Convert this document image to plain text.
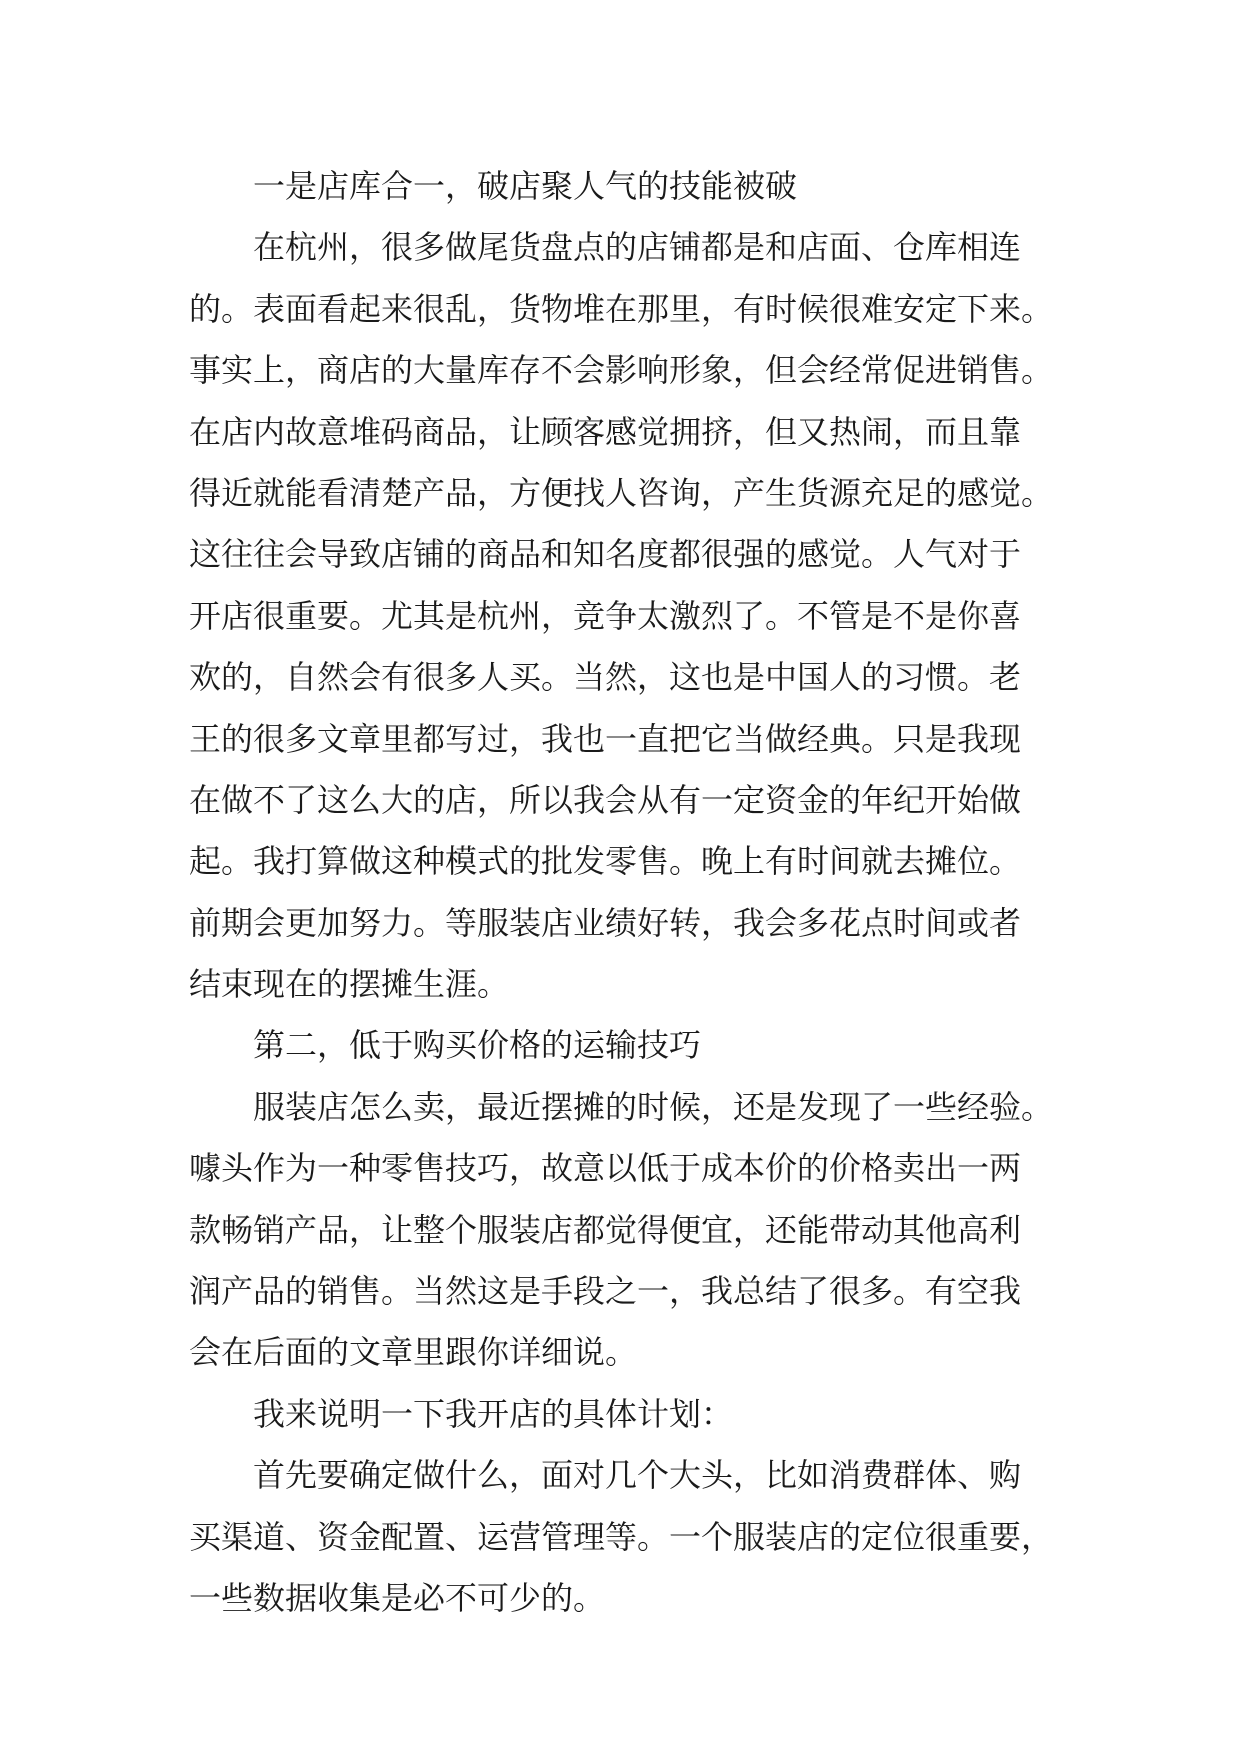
一是店库合一，破店聚人气的技能被破
在杭州，很多做尾货盘点的店铺都是和店面、仓库相连
的。表面看起来很乱，货物堆在那里，有时候很难安定下来。
事实上，商店的大量库存不会影响形象，但会经常促进销售。
在店内故意堆码商品，让顾客感觉拥挤，但又热闹，而且靠
得近就能看清楚产品，方便找人咨询，产生货源充足的感觉。
这往往会导致店铺的商品和知名度都很强的感觉。人气对于
开店很重要。尤其是杭州，竞争太激烈了。不管是不是你喜
欢的，自然会有很多人买。当然，这也是中国人的习惯。老
王的很多文章里都写过，我也一直把它当做经典。只是我现
在做不了这么大的店，所以我会从有一定资金的年纪开始做
起。我打算做这种模式的批发零售。晚上有时间就去摊位。
前期会更加努力。等服装店业绩好转，我会多花点时间或者
结束现在的摆摊生涯。
第二，低于购买价格的运输技巧
服装店怎么卖，最近摆摊的时候，还是发现了一些经验。
噱头作为一种零售技巧，故意以低于成本价的价格卖出一两
款畅销产品，让整个服装店都觉得便宜，还能带动其他高利
润产品的销售。当然这是手段之一，我总结了很多。有空我
会在后面的文章里跟你详细说。
我来说明一下我开店的具体计划：
首先要确定做什么，面对几个大头，比如消费群体、购
买渠道、资金配置、运营管理等。一个服装店的定位很重要，
一些数据收集是必不可少的。
